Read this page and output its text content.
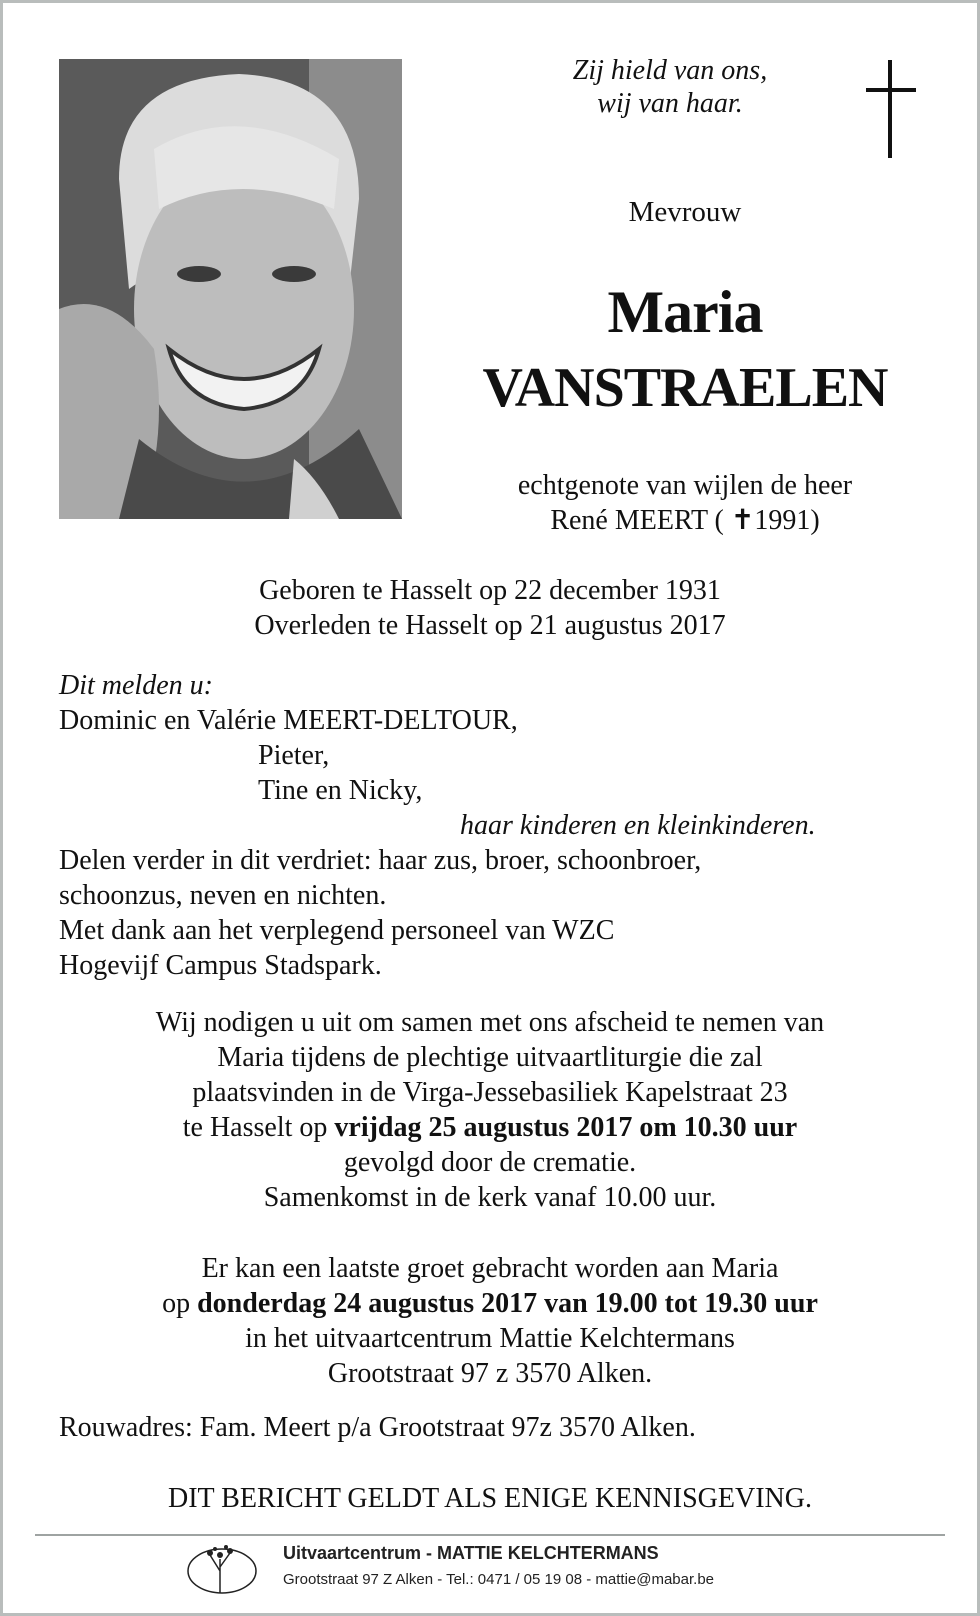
Zij hield van ons,
wij van haar.
Mevrouw
Maria
VANSTRAELEN
echtgenote van wijlen de heer
René MEERT ( ✝1991)
Geboren te Hasselt op 22 december 1931
Overleden te Hasselt op 21 augustus 2017
Dit melden u:
Dominic en Valérie MEERT-DELTOUR,
Pieter,
Tine en Nicky,
haar kinderen en kleinkinderen.
Delen verder in dit verdriet: haar zus, broer, schoonbroer,
schoonzus, neven en nichten.
Met dank aan het verplegend personeel van WZC
Hogevijf Campus Stadspark.
Wij nodigen u uit om samen met ons afscheid te nemen van
Maria tijdens de plechtige uitvaartliturgie die zal
plaatsvinden in de Virga-Jessebasiliek Kapelstraat 23
te Hasselt op vrijdag 25 augustus 2017 om 10.30 uur
gevolgd door de crematie.
Samenkomst in de kerk vanaf 10.00 uur.
Er kan een laatste groet gebracht worden aan Maria
op donderdag 24 augustus 2017 van 19.00 tot 19.30 uur
in het uitvaartcentrum Mattie Kelchtermans
Grootstraat 97 z 3570 Alken.
Rouwadres: Fam. Meert p/a Grootstraat 97z 3570 Alken.
DIT BERICHT GELDT ALS ENIGE KENNISGEVING.
Uitvaartcentrum - MATTIE KELCHTERMANS
Grootstraat 97 Z Alken - Tel.: 0471 / 05 19 08 - mattie@mabar.be
